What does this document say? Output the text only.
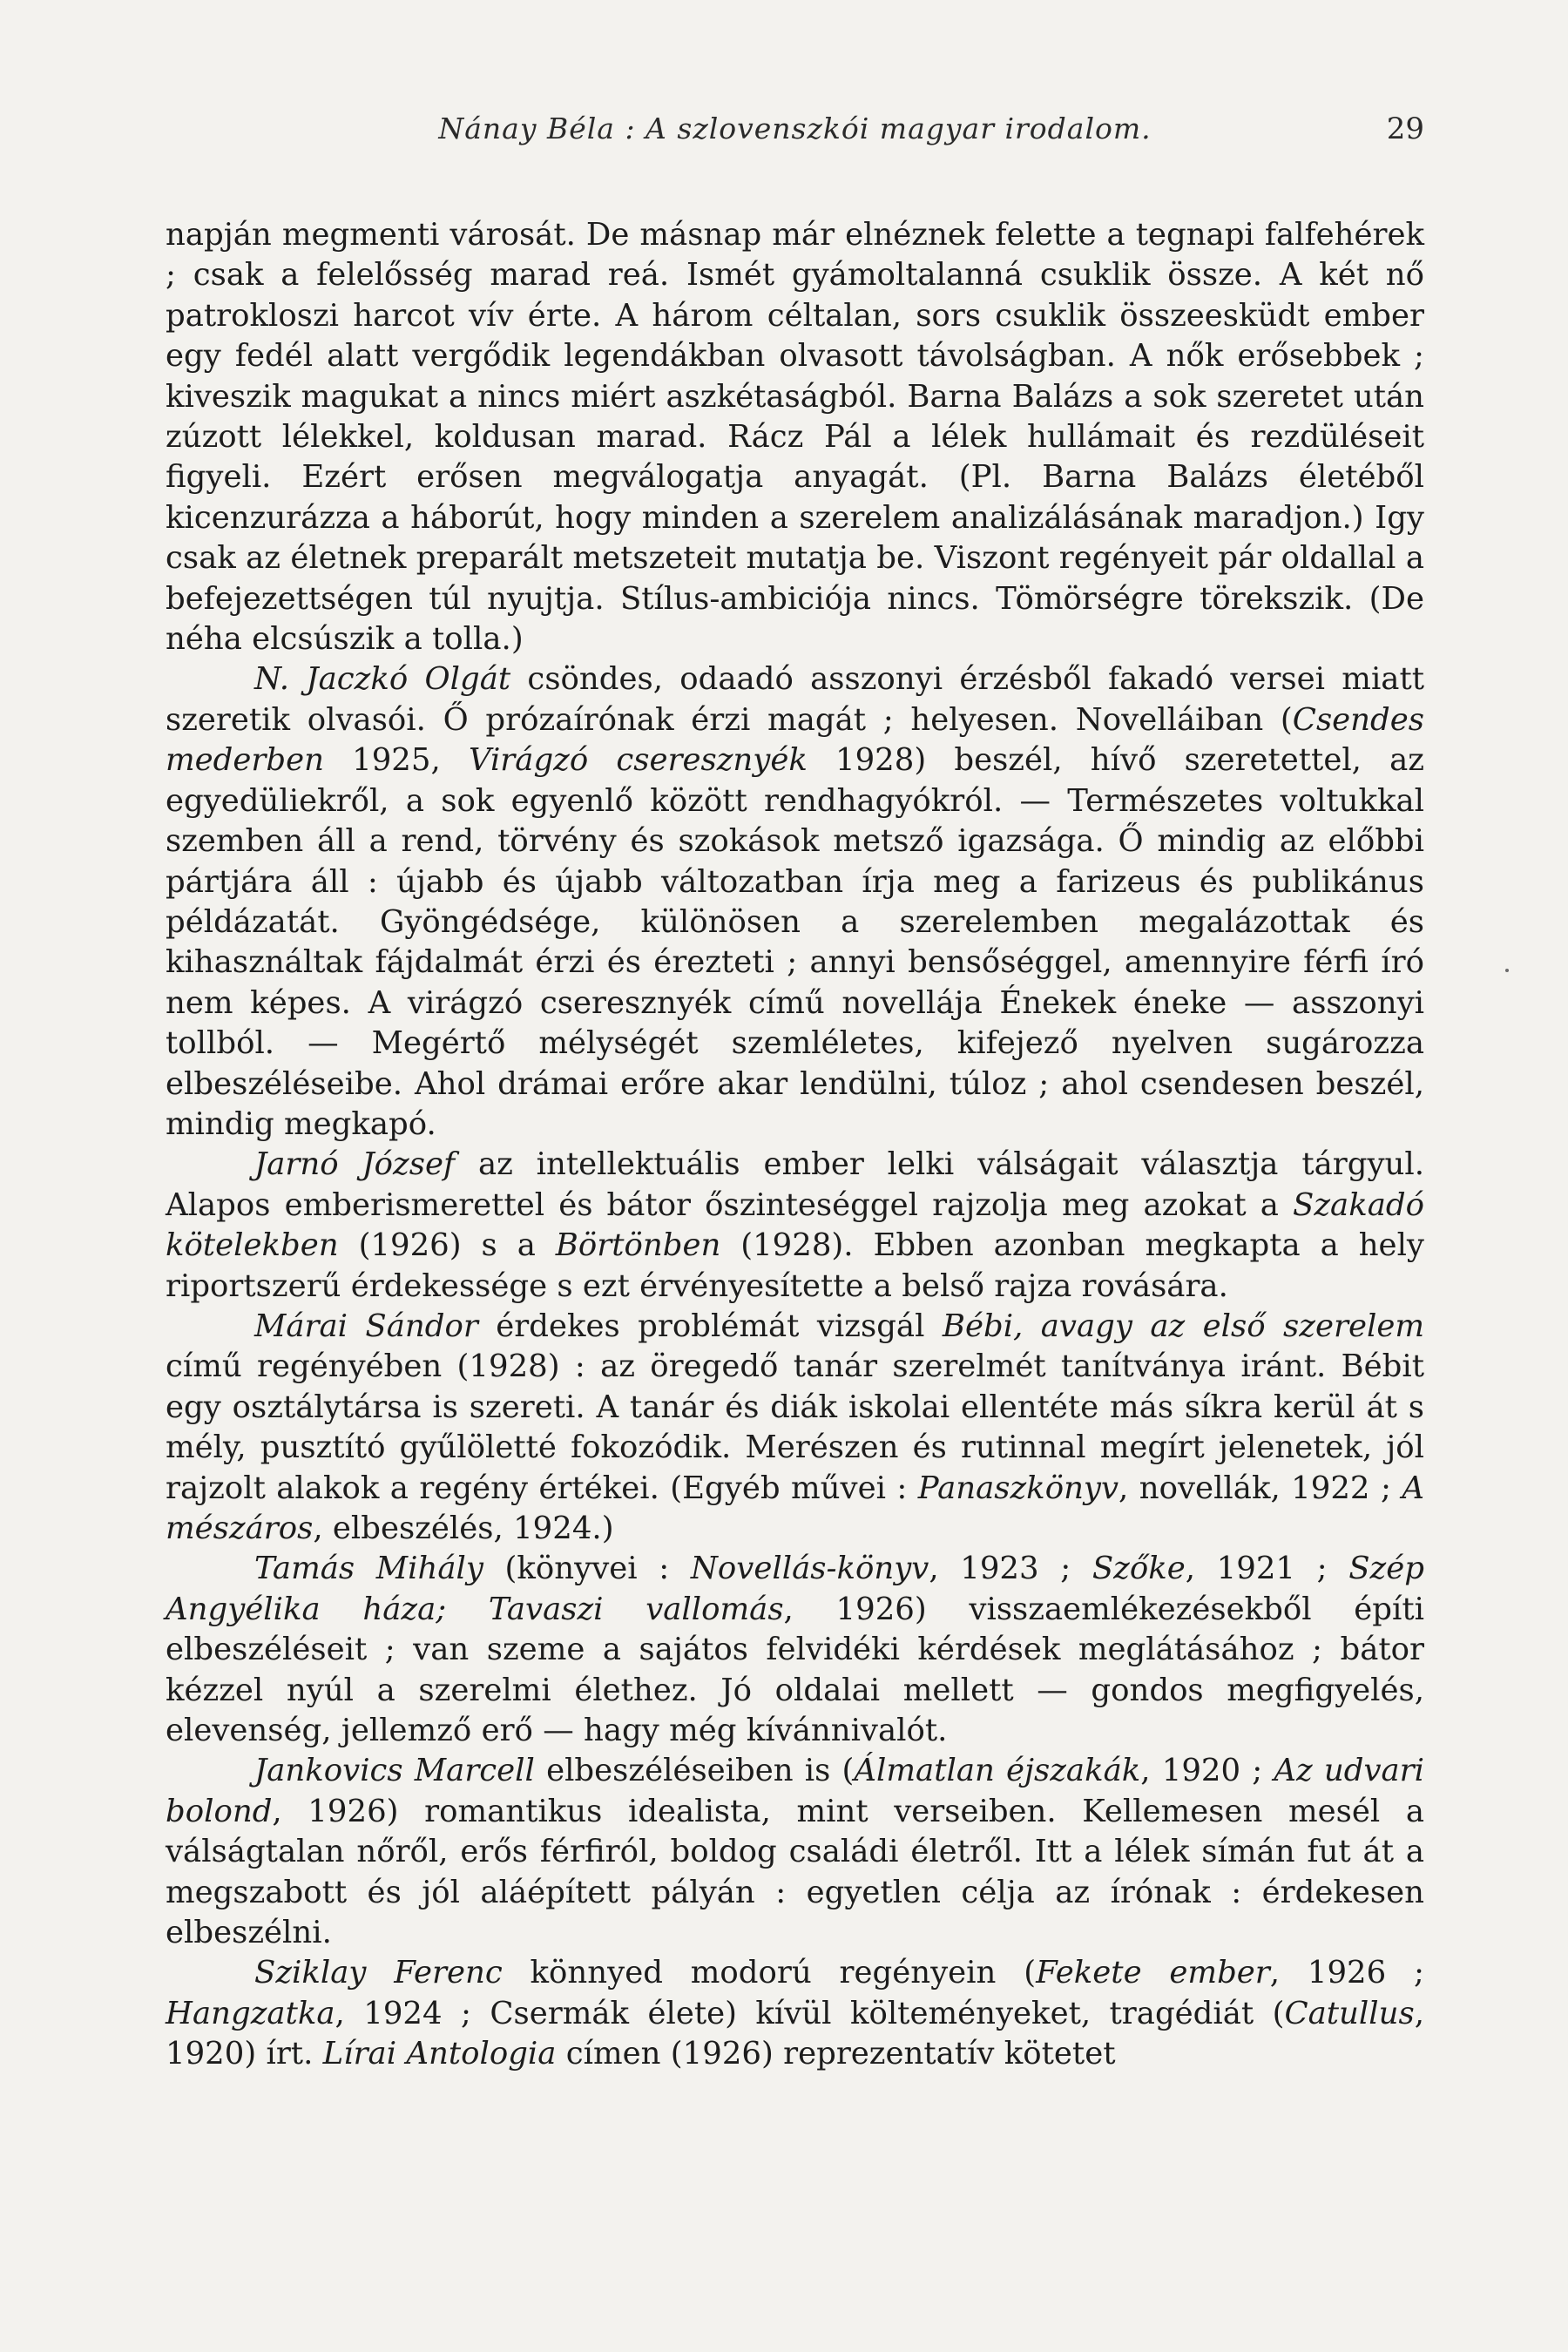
Nánay Béla : A szlovenszkói magyar irodalom.	29

napján megmenti városát. De másnap már elnéznek felette a tegnapi falfehérek ; csak a felelősség marad reá. Ismét gyámoltalanná csuklik össze. A két nő patrokloszi harcot vív érte. A három céltalan, sors csuklik összeesküdt ember egy fedél alatt vergődik legendákban olvasott távolságban. A nők erősebbek ; kiveszik magukat a nincs miért aszkétaságból. Barna Balázs a sok szeretet után zúzott lélekkel, koldusan marad. Rácz Pál a lélek hullámait és rezdüléseit figyeli. Ezért erősen megválogatja anyagát. (Pl. Barna Balázs életéből kicenzurázza a háborút, hogy minden a szerelem analizálásának maradjon.) Igy csak az életnek preparált metszeteit mutatja be. Viszont regényeit pár oldallal a befejezettségen túl nyujtja. Stílus-ambiciója nincs. Tömörségre törekszik. (De néha elcsúszik a tolla.)

N. Jaczkó Olgát csöndes, odaadó asszonyi érzésből fakadó versei miatt szeretik olvasói. Ő prózaírónak érzi magát ; helyesen. Novelláiban (Csendes mederben 1925, Virágzó cseresznyék 1928) beszél, hívő szeretettel, az egyedüliekről, a sok egyenlő között rendhagyókról. — Természetes voltukkal szemben áll a rend, törvény és szokások metsző igazsága. Ő mindig az előbbi pártjára áll : újabb és újabb változatban írja meg a farizeus és publikánus példázatát. Gyöngédsége, különösen a szerelemben megalázottak és kihasználtak fájdalmát érzi és érezteti ; annyi bensőséggel, amennyire férfi író nem képes. A virágzó cseresznyék című novellája Énekek éneke — asszonyi tollból. — Megértő mélységét szemléletes, kifejező nyelven sugározza elbeszéléseibe. Ahol drámai erőre akar lendülni, túloz ; ahol csendesen beszél, mindig megkapó.

Jarnó József az intellektuális ember lelki válságait választja tárgyul. Alapos emberismerettel és bátor őszinteséggel rajzolja meg azokat a Szakadó kötelekben (1926) s a Börtönben (1928). Ebben azonban megkapta a hely riportszerű érdekessége s ezt érvényesítette a belső rajza rovására.

Márai Sándor érdekes problémát vizsgál Bébi, avagy az első szerelem című regényében (1928) : az öregedő tanár szerelmét tanítványa iránt. Bébit egy osztálytársa is szereti. A tanár és diák iskolai ellentéte más síkra kerül át s mély, pusztító gyűlöletté fokozódik. Merészen és rutinnal megírt jelenetek, jól rajzolt alakok a regény értékei. (Egyéb művei : Panaszkönyv, novellák, 1922 ; A mészáros, elbeszélés, 1924.)

Tamás Mihály (könyvei : Novellás-könyv, 1923 ; Szőke, 1921 ; Szép Angyélika háza; Tavaszi vallomás, 1926) visszaemlékezésekből építi elbeszéléseit ; van szeme a sajátos felvidéki kérdések meglátásához ; bátor kézzel nyúl a szerelmi élethez. Jó oldalai mellett — gondos megfigyelés, elevenség, jellemző erő — hagy még kívánnivalót.

Jankovics Marcell elbeszéléseiben is (Álmatlan éjszakák, 1920 ; Az udvari bolond, 1926) romantikus idealista, mint verseiben. Kellemesen mesél a válságtalan nőről, erős férfiról, boldog családi életről. Itt a lélek símán fut át a megszabott és jól aláépített pályán : egyetlen célja az írónak : érdekesen elbeszélni.

Sziklay Ferenc könnyed modorú regényein (Fekete ember, 1926 ; Hangzatka, 1924 ; Csermák élete) kívül költeményeket, tragédiát (Catullus, 1920) írt. Lírai Antologia címen (1926) reprezentatív kötetet
